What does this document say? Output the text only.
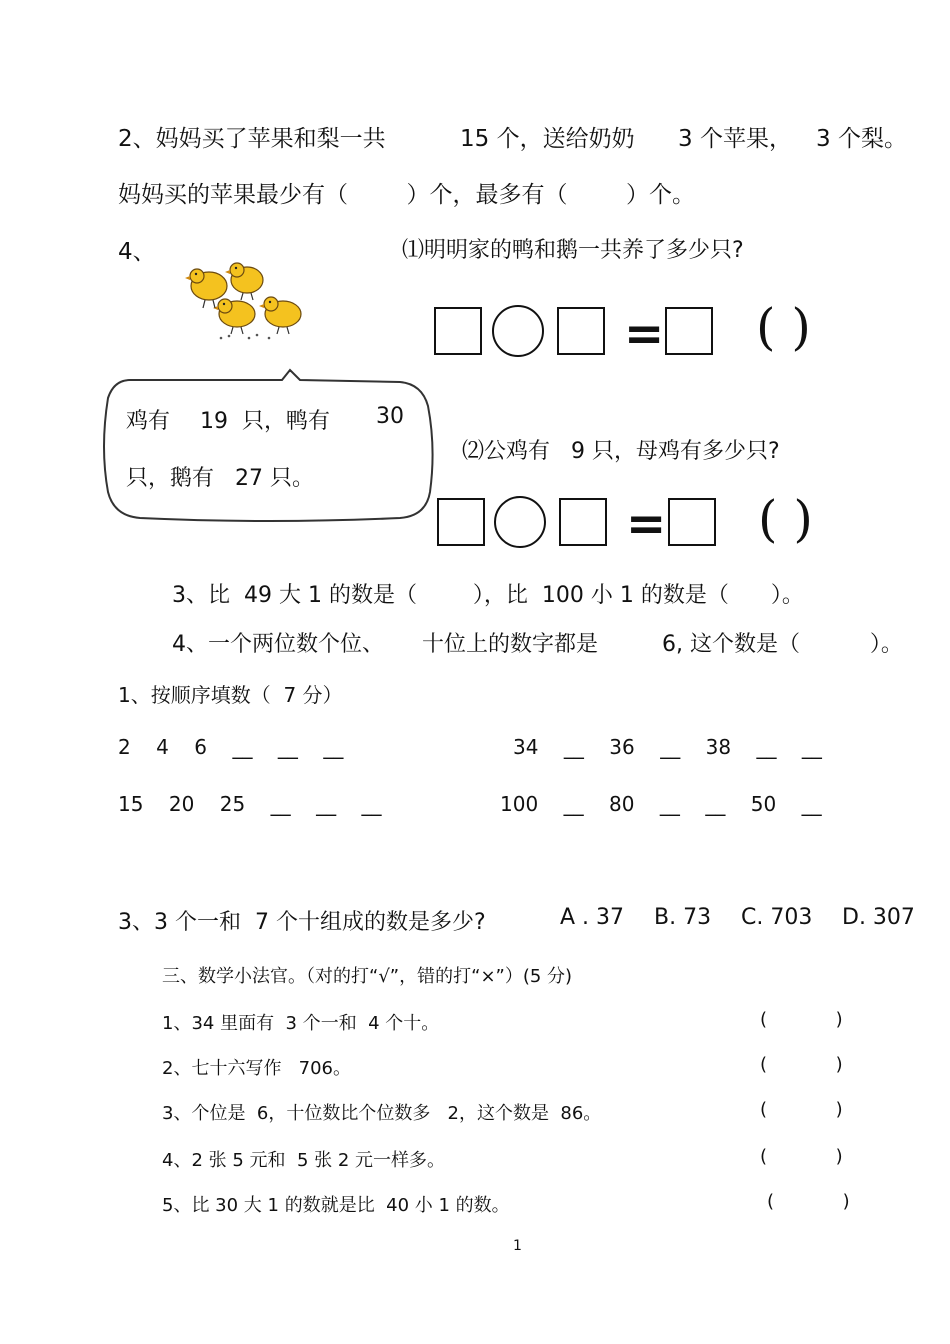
2、妈妈买了苹果和梨一共	15 个，送给奶奶 3 个苹果， 3 个梨。
妈妈买的苹果最少有（        ）个，最多有（        ）个。
4、	⑴明明家的鸭和鹅一共养了多少只?
鸡有 19  只，鸭有 30
只，鹅有   27 只。
= ( )
⑵公鸡有   9 只，母鸡有多少只?
= ( )
3、比  49 大 1 的数是（        ），比  100 小 1 的数是（      ）。
4、一个两位数个位、 十位上的数字都是	6, 这个数是（          ）。
1、按顺序填数（  7 分）
2    4    6    __    __    __	34    __    36    __    38    __    __
15    20    25    __    __    __	100    __    80    __    __    50    __
3、3 个一和  7 个十组成的数是多少?	A . 37 B. 73 C. 703 D. 307
三、数学小法官。（对的打“√”，错的打“×”）(5 分)
1、34 里面有  3 个一和  4 个十。	(            )
2、七十六写作   706。	(            )
3、个位是  6，十位数比个位数多   2，这个数是  86。	(            )
4、2 张 5 元和  5 张 2 元一样多。	(            )
5、比 30 大 1 的数就是比  40 小 1 的数。	(            )
1
